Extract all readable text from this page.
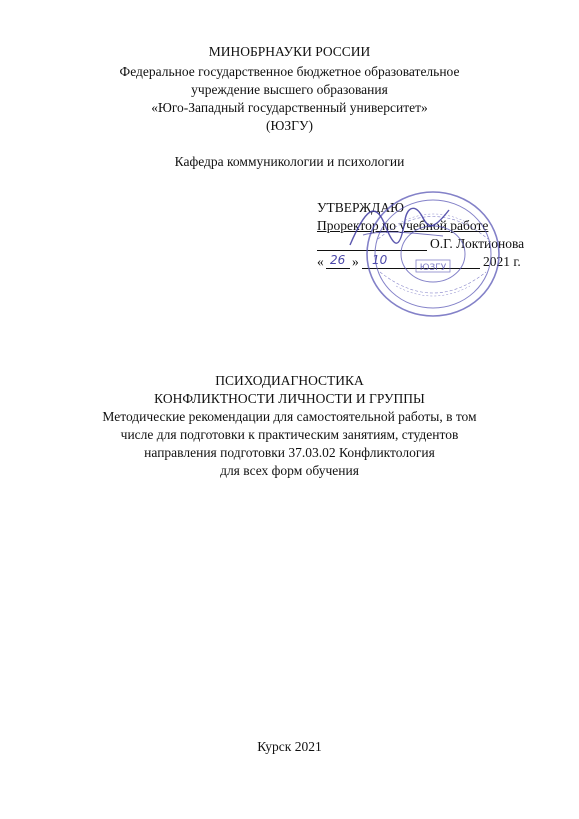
МИНОБРНАУКИ РОССИИ
Федеральное государственное бюджетное образовательное
учреждение высшего образования
«Юго-Западный государственный университет»
(ЮЗГУ)
Кафедра коммуникологии и психологии
УТВЕРЖДАЮ
Проректор по учебной работе
О.Г. Локтионова
« 26 » 10	2021 г.
ЮЗГУ
ПСИХОДИАГНОСТИКА
КОНФЛИКТНОСТИ ЛИЧНОСТИ И ГРУППЫ
Методические рекомендации для самостоятельной работы, в том
числе для подготовки к практическим занятиям, студентов
направления подготовки 37.03.02 Конфликтология
для всех форм обучения
Курск 2021
